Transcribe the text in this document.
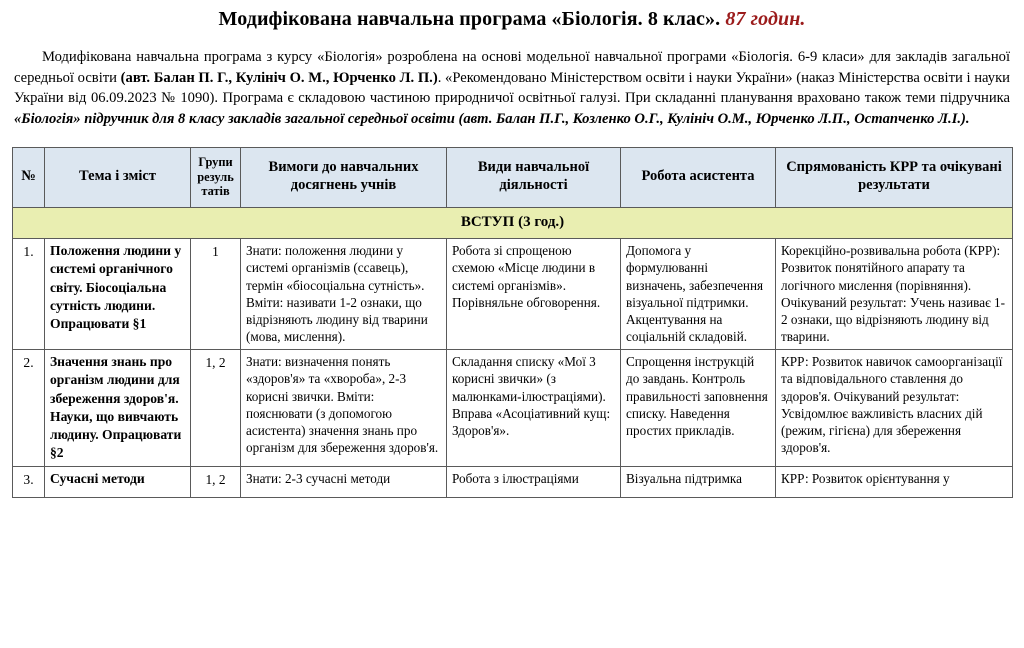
Модифікована навчальна програма «Біологія. 8 клас». 87 годин.

Модифікована навчальна програма з курсу «Біологія» розроблена на основі модельної навчальної програми «Біологія. 6-9 класи» для закладів загальної середньої освіти (авт. Балан П. Г., Кулініч О. М., Юрченко Л. П.). «Рекомендовано Міністерством освіти і науки України» (наказ Міністерства освіти і науки України від 06.09.2023 № 1090). Програма є складовою частиною природничої освітньої галузі. При складанні планування враховано також теми підручника «Біологія» підручник для 8 класу закладів загальної середньої освіти (авт. Балан П.Г., Козленко О.Г., Кулініч О.М., Юрченко Л.П., Остапченко Л.І.).

№	Тема і зміст	Групи резуль татів	Вимоги до навчальних досягнень учнів	Види навчальної діяльності	Робота асистента	Спрямованість КРР та очікувані результати
ВСТУП (3 год.)						
1.	Положення людини у системі органічного світу. Біосоціальна сутність людини. Опрацювати §1	1	Знати: положення людини у системі організмів (ссавець), термін «біосоціальна сутність». Вміти: називати 1-2 ознаки, що відрізняють людину від тварини (мова, мислення).	Робота зі спрощеною схемою «Місце людини в системі організмів». Порівняльне обговорення.	Допомога у формулюванні визначень, забезпечення візуальної підтримки. Акцентування на соціальній складовій.	Корекційно-розвивальна робота (КРР): Розвиток понятійного апарату та логічного мислення (порівняння). Очікуваний результат: Учень називає 1-2 ознаки, що відрізняють людину від тварини.
2.	Значення знань про організм людини для збереження здоров'я. Науки, що вивчають людину. Опрацювати §2	1, 2	Знати: визначення понять «здоров'я» та «хвороба», 2-3 корисні звички. Вміти: пояснювати (з допомогою асистента) значення знань про організм для збереження здоров'я.	Складання списку «Мої 3 корисні звички» (з малюнками-ілюстраціями). Вправа «Асоціативний кущ: Здоров'я».	Спрощення інструкцій до завдань. Контроль правильності заповнення списку. Наведення простих прикладів.	КРР: Розвиток навичок самоорганізації та відповідального ставлення до здоров'я. Очікуваний результат: Усвідомлює важливість власних дій (режим, гігієна) для збереження здоров'я.
3.	Сучасні методи	1, 2	Знати: 2-3 сучасні методи	Робота з ілюстраціями	Візуальна підтримка	КРР: Розвиток орієнтування у
